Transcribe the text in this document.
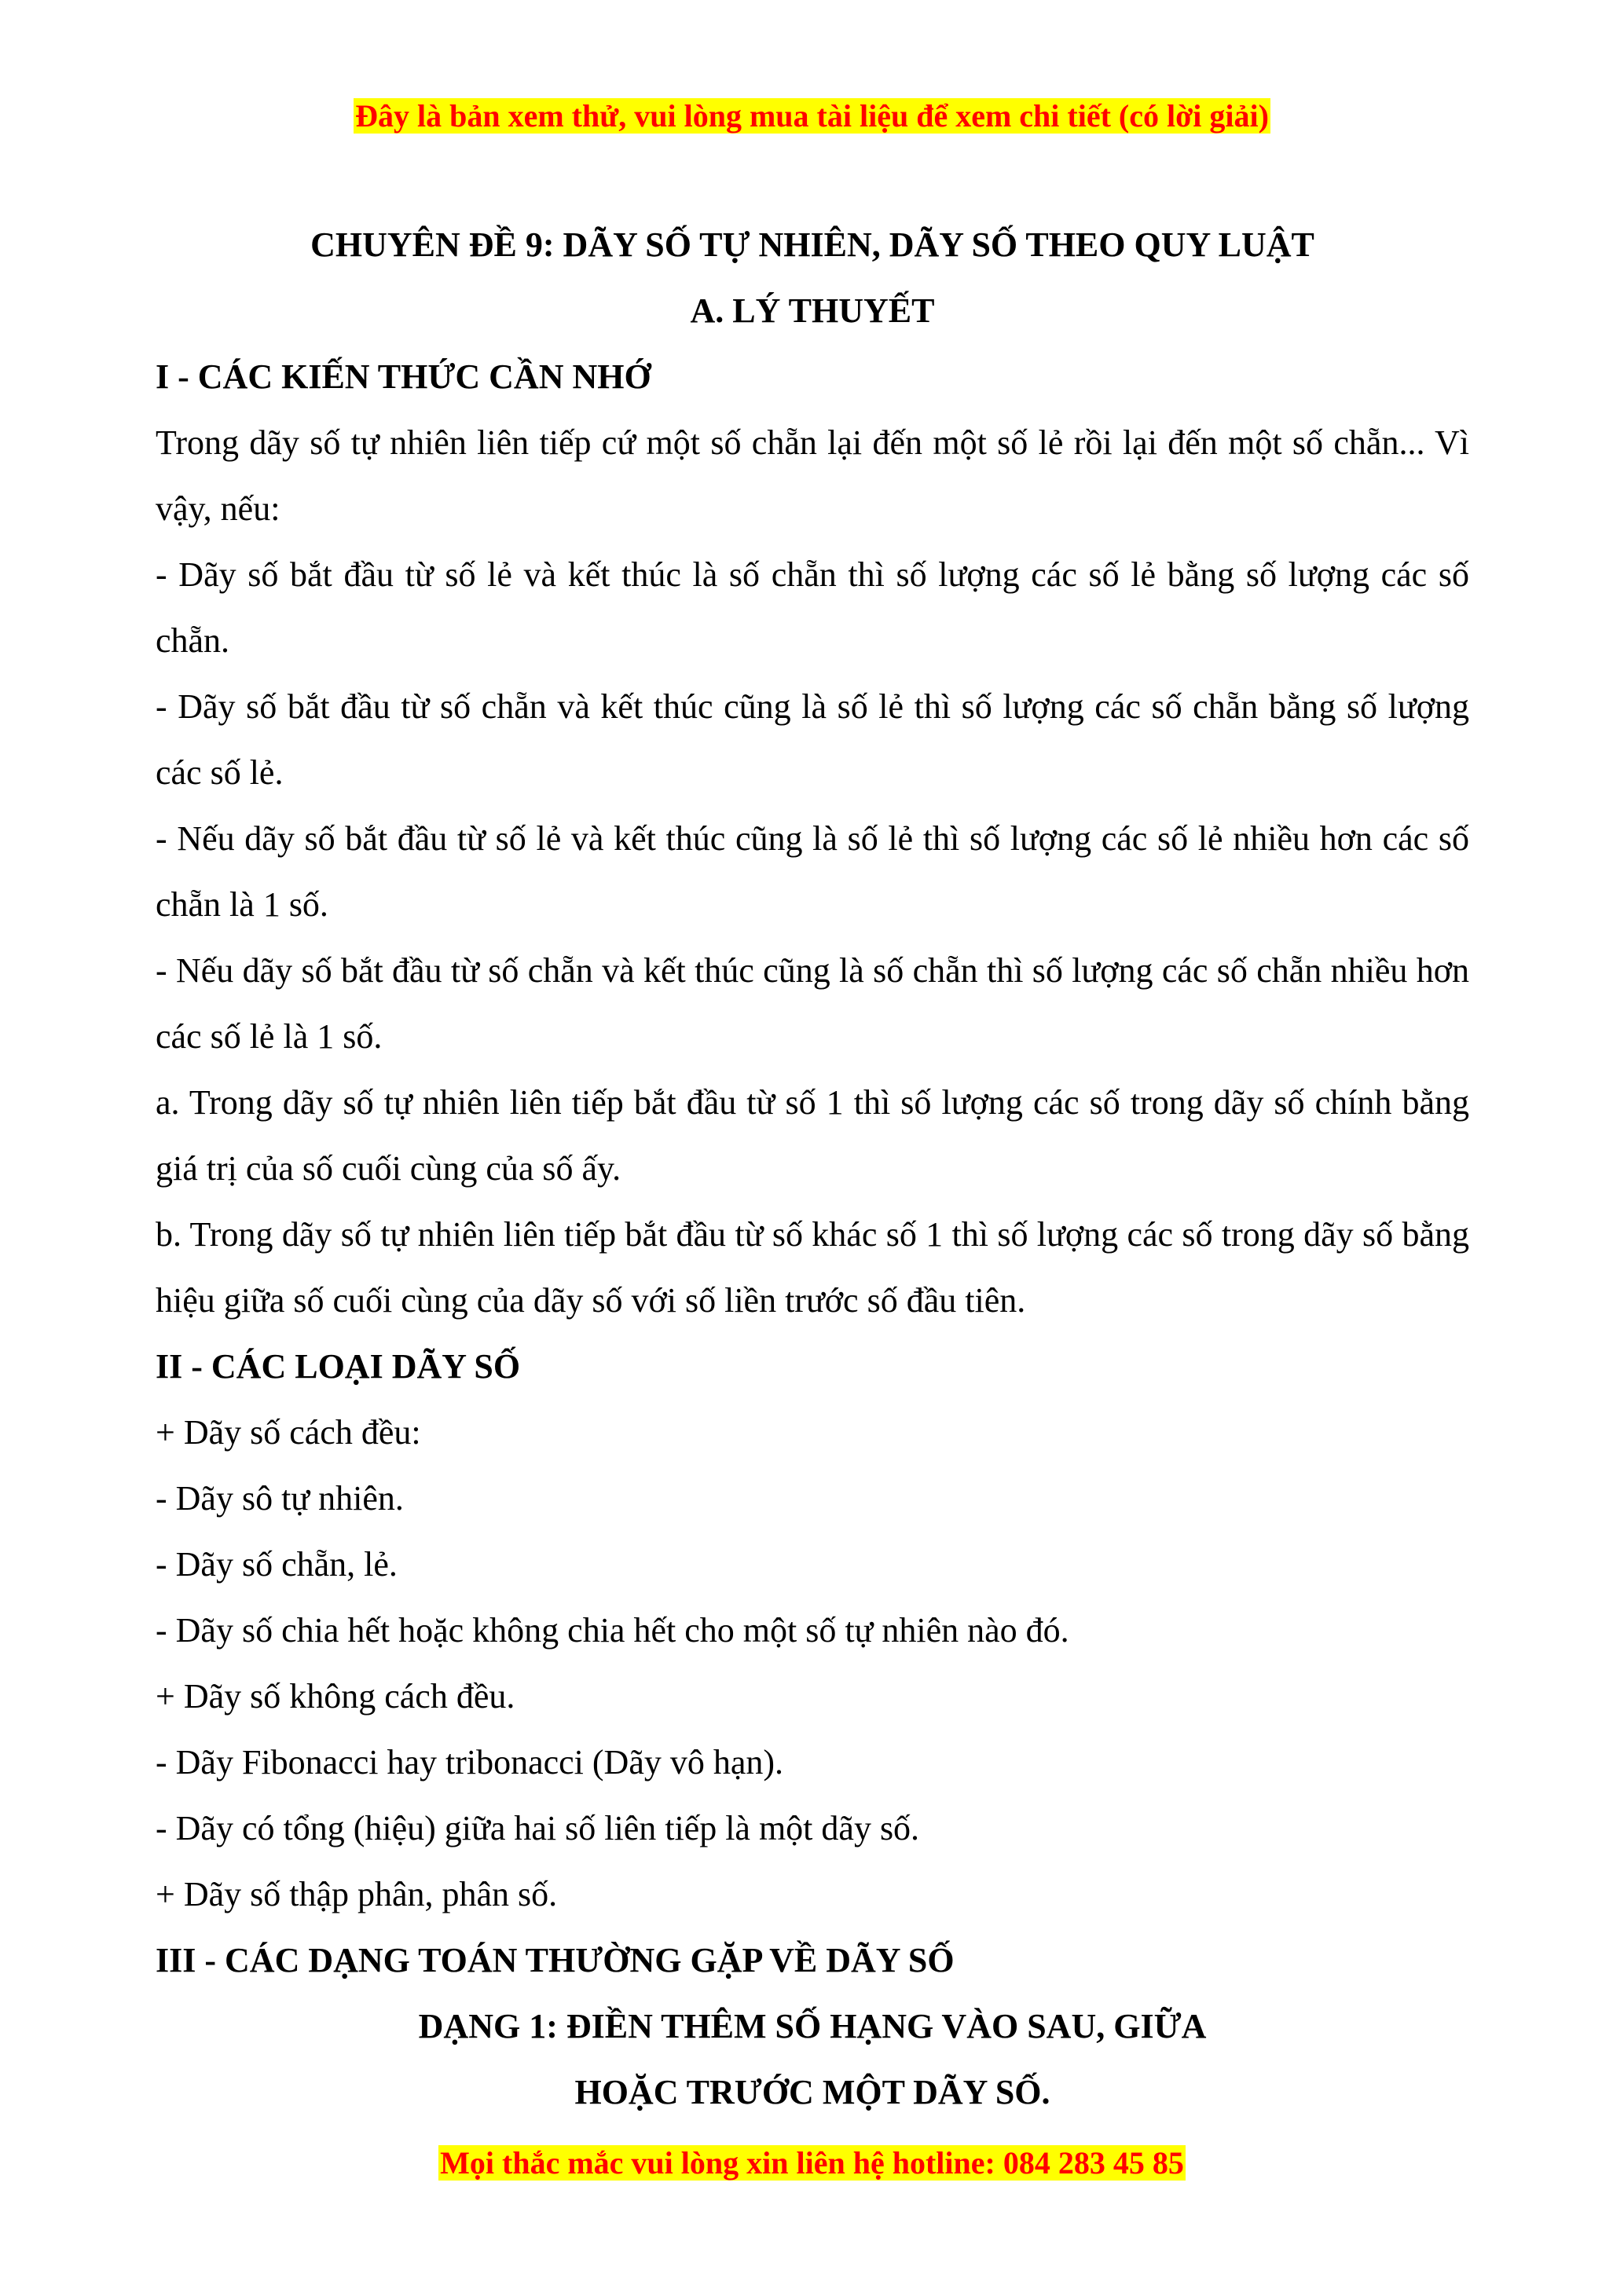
Đây là bản xem thử, vui lòng mua tài liệu để xem chi tiết (có lời giải)
CHUYÊN ĐỀ 9: DÃY SỐ TỰ NHIÊN, DÃY SỐ THEO QUY LUẬT
A. LÝ THUYẾT
I - CÁC KIẾN THỨC CẦN NHỚ
Trong dãy số tự nhiên liên tiếp cứ một số chẵn lại đến một số lẻ rồi lại đến một số chẵn... Vì vậy, nếu:
- Dãy số bắt đầu từ số lẻ và kết thúc là số chẵn thì số lượng các số lẻ bằng số lượng các số chẵn.
- Dãy số bắt đầu từ số chẵn và kết thúc cũng là số lẻ thì số lượng các số chẵn bằng số lượng các số lẻ.
- Nếu dãy số bắt đầu từ số lẻ và kết thúc cũng là số lẻ thì số lượng các số lẻ nhiều hơn các số chẵn là 1 số.
- Nếu dãy số bắt đầu từ số chẵn và kết thúc cũng là số chẵn thì số lượng các số chẵn nhiều hơn các số lẻ là 1 số.
a. Trong dãy số tự nhiên liên tiếp bắt đầu từ số 1 thì số lượng các số trong dãy số chính bằng giá trị của số cuối cùng của số ấy.
b. Trong dãy số tự nhiên liên tiếp bắt đầu từ số khác số 1 thì số lượng các số trong dãy số bằng hiệu giữa số cuối cùng của dãy số với số liền trước số đầu tiên.
II - CÁC LOẠI DÃY SỐ
+ Dãy số cách đều:
- Dãy sô tự nhiên.
- Dãy số chẵn, lẻ.
- Dãy số chia hết hoặc không chia hết cho một số tự nhiên nào đó.
+ Dãy số không cách đều.
- Dãy Fibonacci hay tribonacci (Dãy vô hạn).
- Dãy có tổng (hiệu) giữa hai số liên tiếp là một dãy số.
+ Dãy số thập phân, phân số.
III - CÁC DẠNG TOÁN THƯỜNG GẶP VỀ DÃY SỐ
DẠNG 1: ĐIỀN THÊM SỐ HẠNG VÀO SAU, GIỮA
HOẶC TRƯỚC MỘT DÃY SỐ.
Mọi thắc mắc vui lòng xin liên hệ hotline: 084 283 45 85
